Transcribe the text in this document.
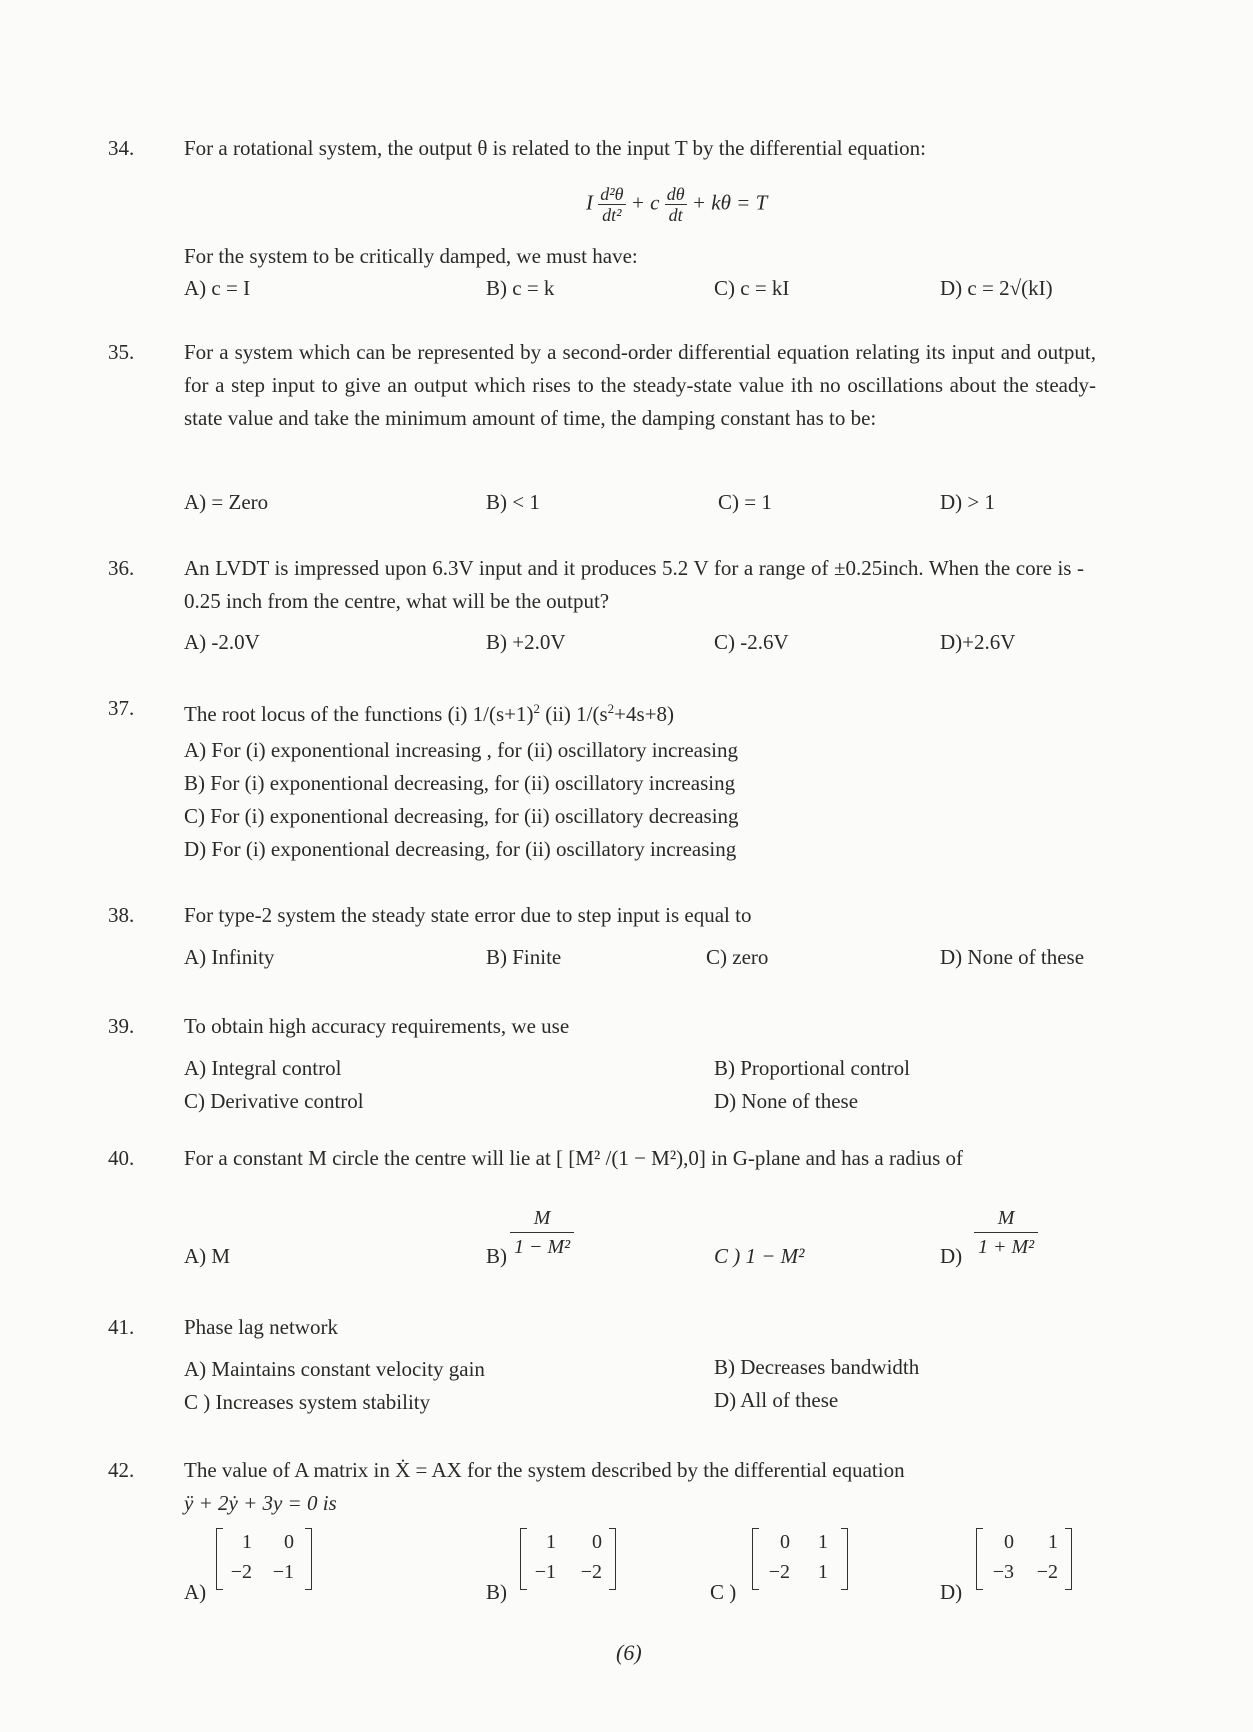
34. For a rotational system, the output θ is related to the input T by the differential equation:
I $\frac{\text{d²θ}}{\text{dt²}} + c \frac{d\theta}{dt} + k\theta = T$
For the system to be critically damped, we must have:
A) c = I	B) c = k	C) c = kI	D) c = 2√(kI)
35. For a system which can be represented by a second-order differential equation relating its input and output, for a step input to give an output which rises to the steady-state value ith no oscillations about the steady-state value and take the minimum amount of time, the damping constant has to be:
A) = Zero	B) < 1	C) = 1	D) > 1
36. An LVDT is impressed upon 6.3V input and it produces 5.2 V for a range of ±0.25inch. When the core is - 0.25 inch from the centre, what will be the output?
A) -2.0V	B) +2.0V	C) -2.6V	D)+2.6V
37. The root locus of the functions (i) $1/(s+1)^2$ (ii) $1/(s^2+4s+8)$
A) For (i) exponentional increasing , for (ii) oscillatory increasing
B) For (i) exponentional decreasing, for (ii) oscillatory increasing
C) For (i) exponentional decreasing, for (ii) oscillatory decreasing
D) For (i) exponentional decreasing, for (ii) oscillatory increasing
38. For type-2 system the steady state error due to step input is equal to
A) Infinity	B) Finite	C) zero	D) None of these
39. To obtain high accuracy requirements, we use
A) Integral control	B) Proportional control
C) Derivative control	D) None of these
40. For a constant M circle the centre will lie at [ [M² /(1 − M²),0] in G-plane and has a radius of
A) M	$B) \frac{M}{\text{1 − M²}}$	C ) 1 − M²	$D) \frac{M}{\text{1 + M²}}$
41. Phase lag network
A) Maintains constant velocity gain	B) Decreases bandwidth
C ) Increases system stability	D) All of these
42. The value of A matrix in Ẋ = AX for the system described by the differential equation
ÿ + 2ẏ + 3y = 0 is
A)
1	0
−2	−1
B)
1	0
−1	−2
C )
0	1
−2	1
D)
0	1
−3	−2
(6)
